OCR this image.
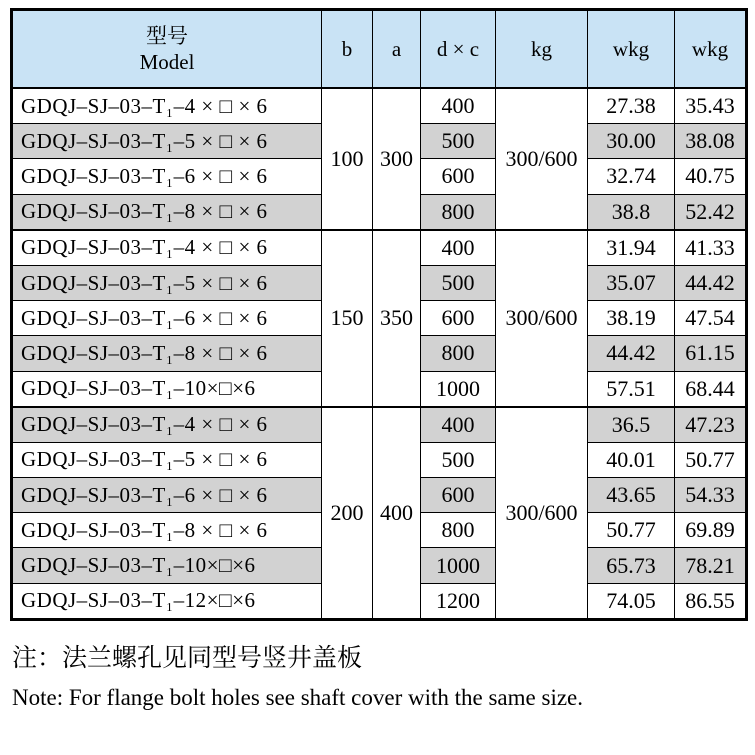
型号
Model	b	a	d × c	kg	wkg	wkg
GDQJ–SJ–03–T₁–4 × □ × 6	100	300	400	300/600	27.38	35.43
GDQJ–SJ–03–T₁–5 × □ × 6			500		30.00	38.08
GDQJ–SJ–03–T₁–6 × □ × 6			600		32.74	40.75
GDQJ–SJ–03–T₁–8 × □ × 6			800		38.8	52.42
GDQJ–SJ–03–T₁–4 × □ × 6	150	350	400	300/600	31.94	41.33
GDQJ–SJ–03–T₁–5 × □ × 6			500		35.07	44.42
GDQJ–SJ–03–T₁–6 × □ × 6			600		38.19	47.54
GDQJ–SJ–03–T₁–8 × □ × 6			800		44.42	61.15
GDQJ–SJ–03–T₁–10×□×6			1000		57.51	68.44
GDQJ–SJ–03–T₁–4 × □ × 6	200	400	400	300/600	36.5	47.23
GDQJ–SJ–03–T₁–5 × □ × 6			500		40.01	50.77
GDQJ–SJ–03–T₁–6 × □ × 6			600		43.65	54.33
GDQJ–SJ–03–T₁–8 × □ × 6			800		50.77	69.89
GDQJ–SJ–03–T₁–10×□×6			1000		65.73	78.21
GDQJ–SJ–03–T₁–12×□×6			1200		74.05	86.55

注：法兰螺孔见同型号竖井盖板

Note: For flange bolt holes see shaft cover with the same size.
